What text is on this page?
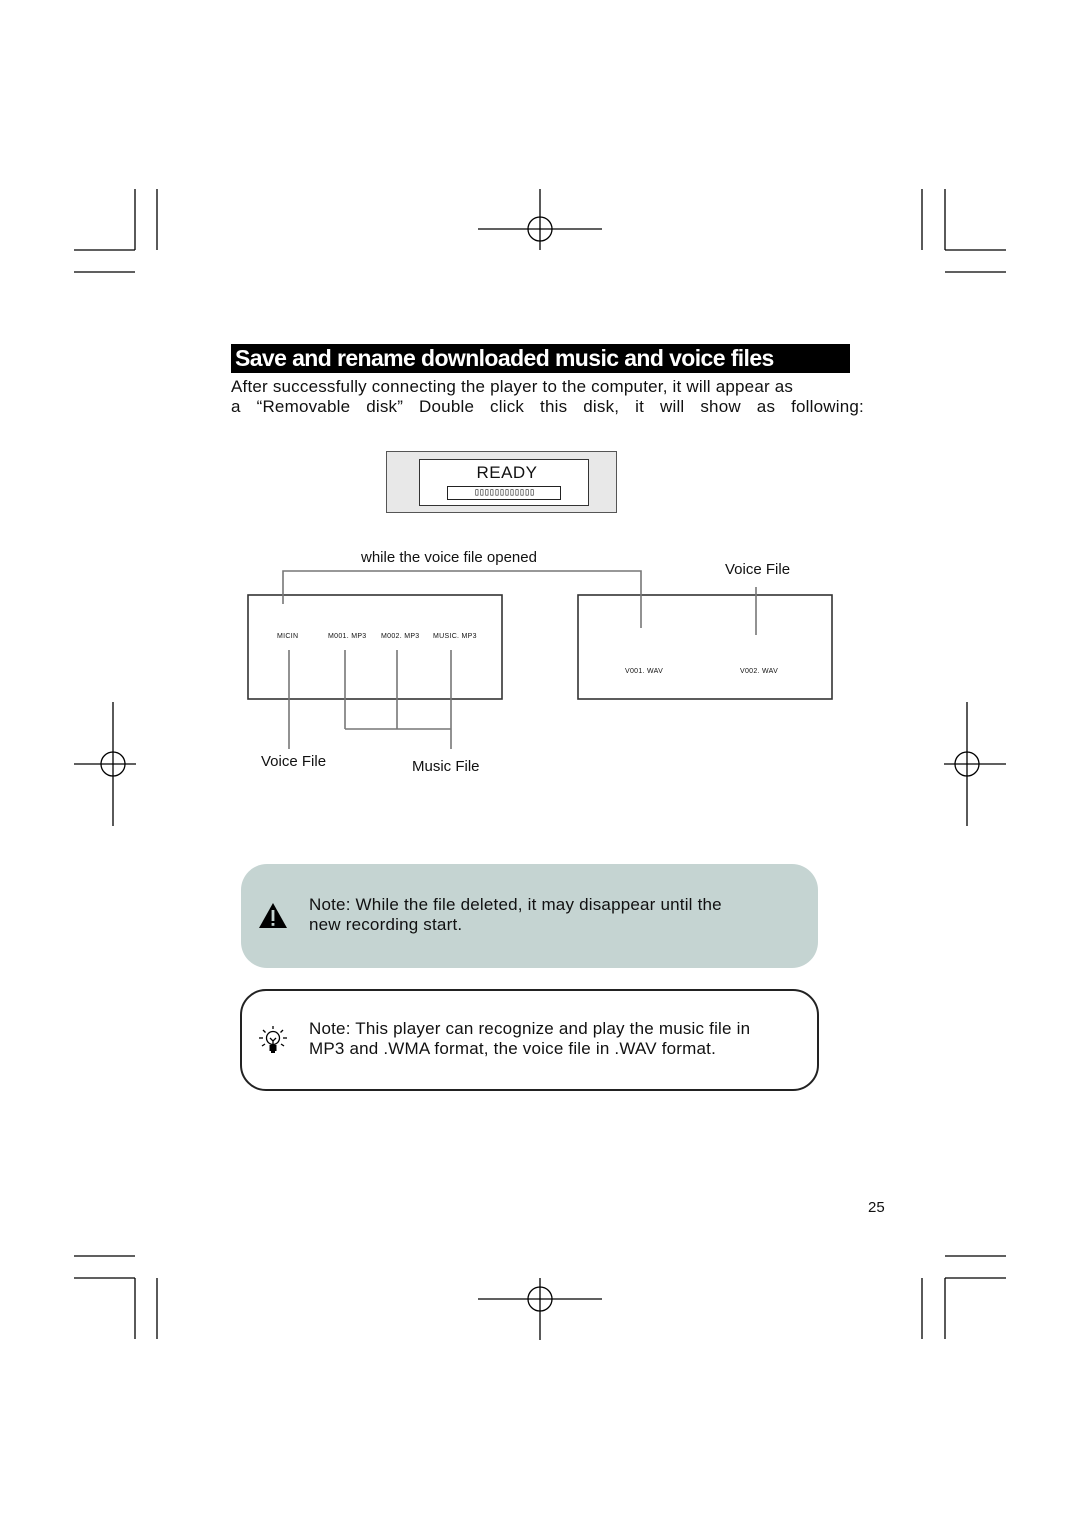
Save and rename downloaded music and voice files
After successfully connecting the player to the computer, it will appear as
a “Removable disk” Double click this disk, it will show as following:
READY
▯▯▯▯▯▯▯▯▯▯▯▯
while the voice file opened
Voice File
MICIN	M001. MP3 M002. MP3 MUSIC. MP3
V001. WAV	V002. WAV
Voice File	Music File
Note: While the file deleted, it may disappear until the
new recording start.
Note: This player can recognize and play the music file in
MP3 and .WMA format, the voice file in .WAV format.
25
